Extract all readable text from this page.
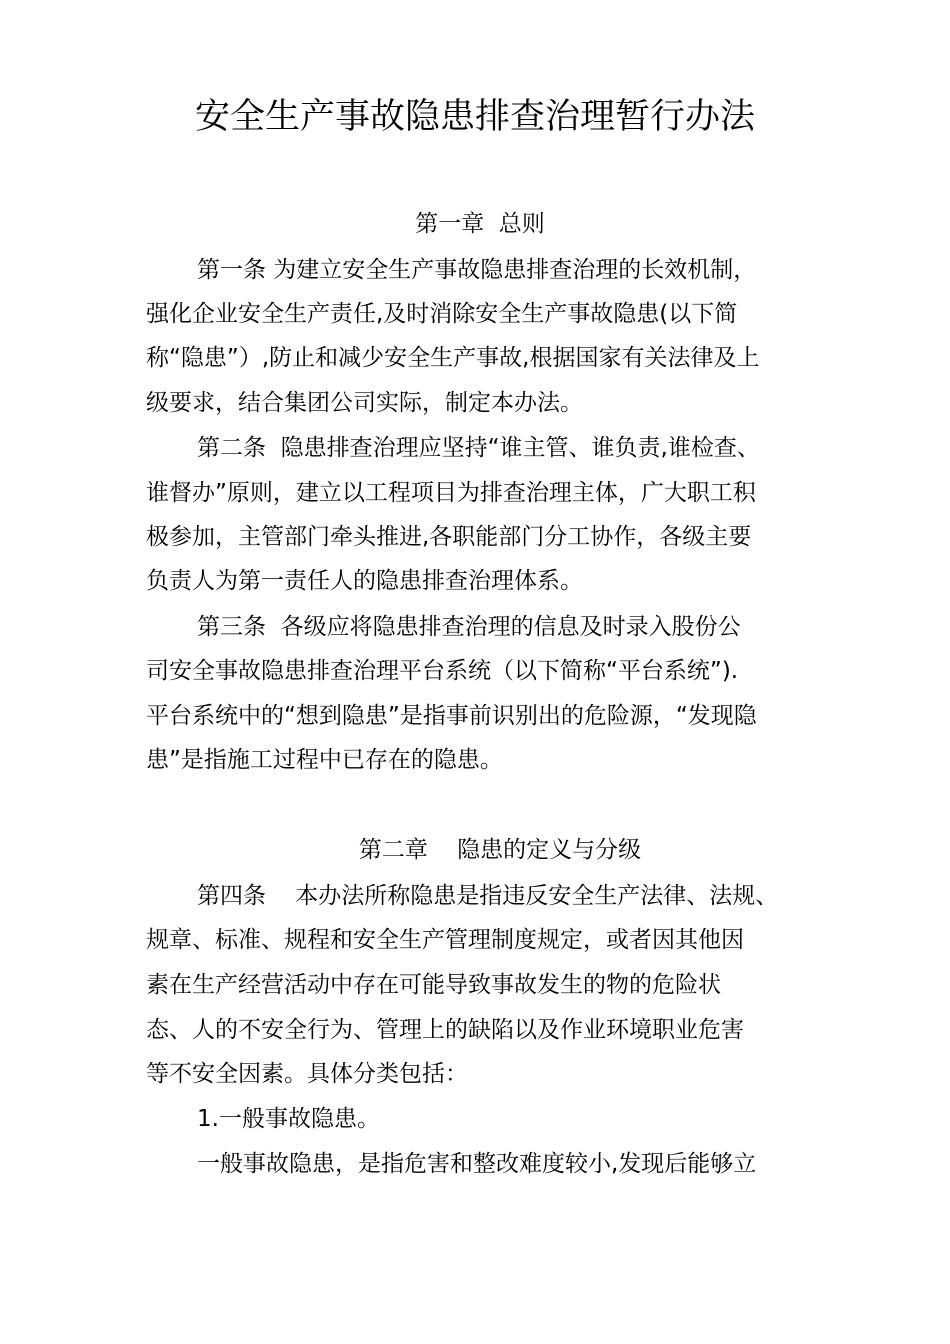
安全生产事故隐患排查治理暂行办法
第一章  总则
第一条 为建立安全生产事故隐患排查治理的长效机制，
强化企业安全生产责任,及时消除安全生产事故隐患(以下简
称“隐患”）,防止和减少安全生产事故,根据国家有关法律及上
级要求，结合集团公司实际，制定本办法。
第二条  隐患排查治理应坚持“谁主管、谁负责,谁检查、
谁督办”原则，建立以工程项目为排查治理主体，广大职工积
极参加，主管部门牵头推进,各职能部门分工协作，各级主要
负责人为第一责任人的隐患排查治理体系。
第三条  各级应将隐患排查治理的信息及时录入股份公
司安全事故隐患排查治理平台系统（以下简称“平台系统”).
平台系统中的“想到隐患”是指事前识别出的危险源，“发现隐
患”是指施工过程中已存在的隐患。
第二章    隐患的定义与分级
第四条    本办法所称隐患是指违反安全生产法律、法规、
规章、标准、规程和安全生产管理制度规定，或者因其他因
素在生产经营活动中存在可能导致事故发生的物的危险状
态、人的不安全行为、管理上的缺陷以及作业环境职业危害
等不安全因素。具体分类包括：
1.一般事故隐患。
一般事故隐患，是指危害和整改难度较小,发现后能够立
